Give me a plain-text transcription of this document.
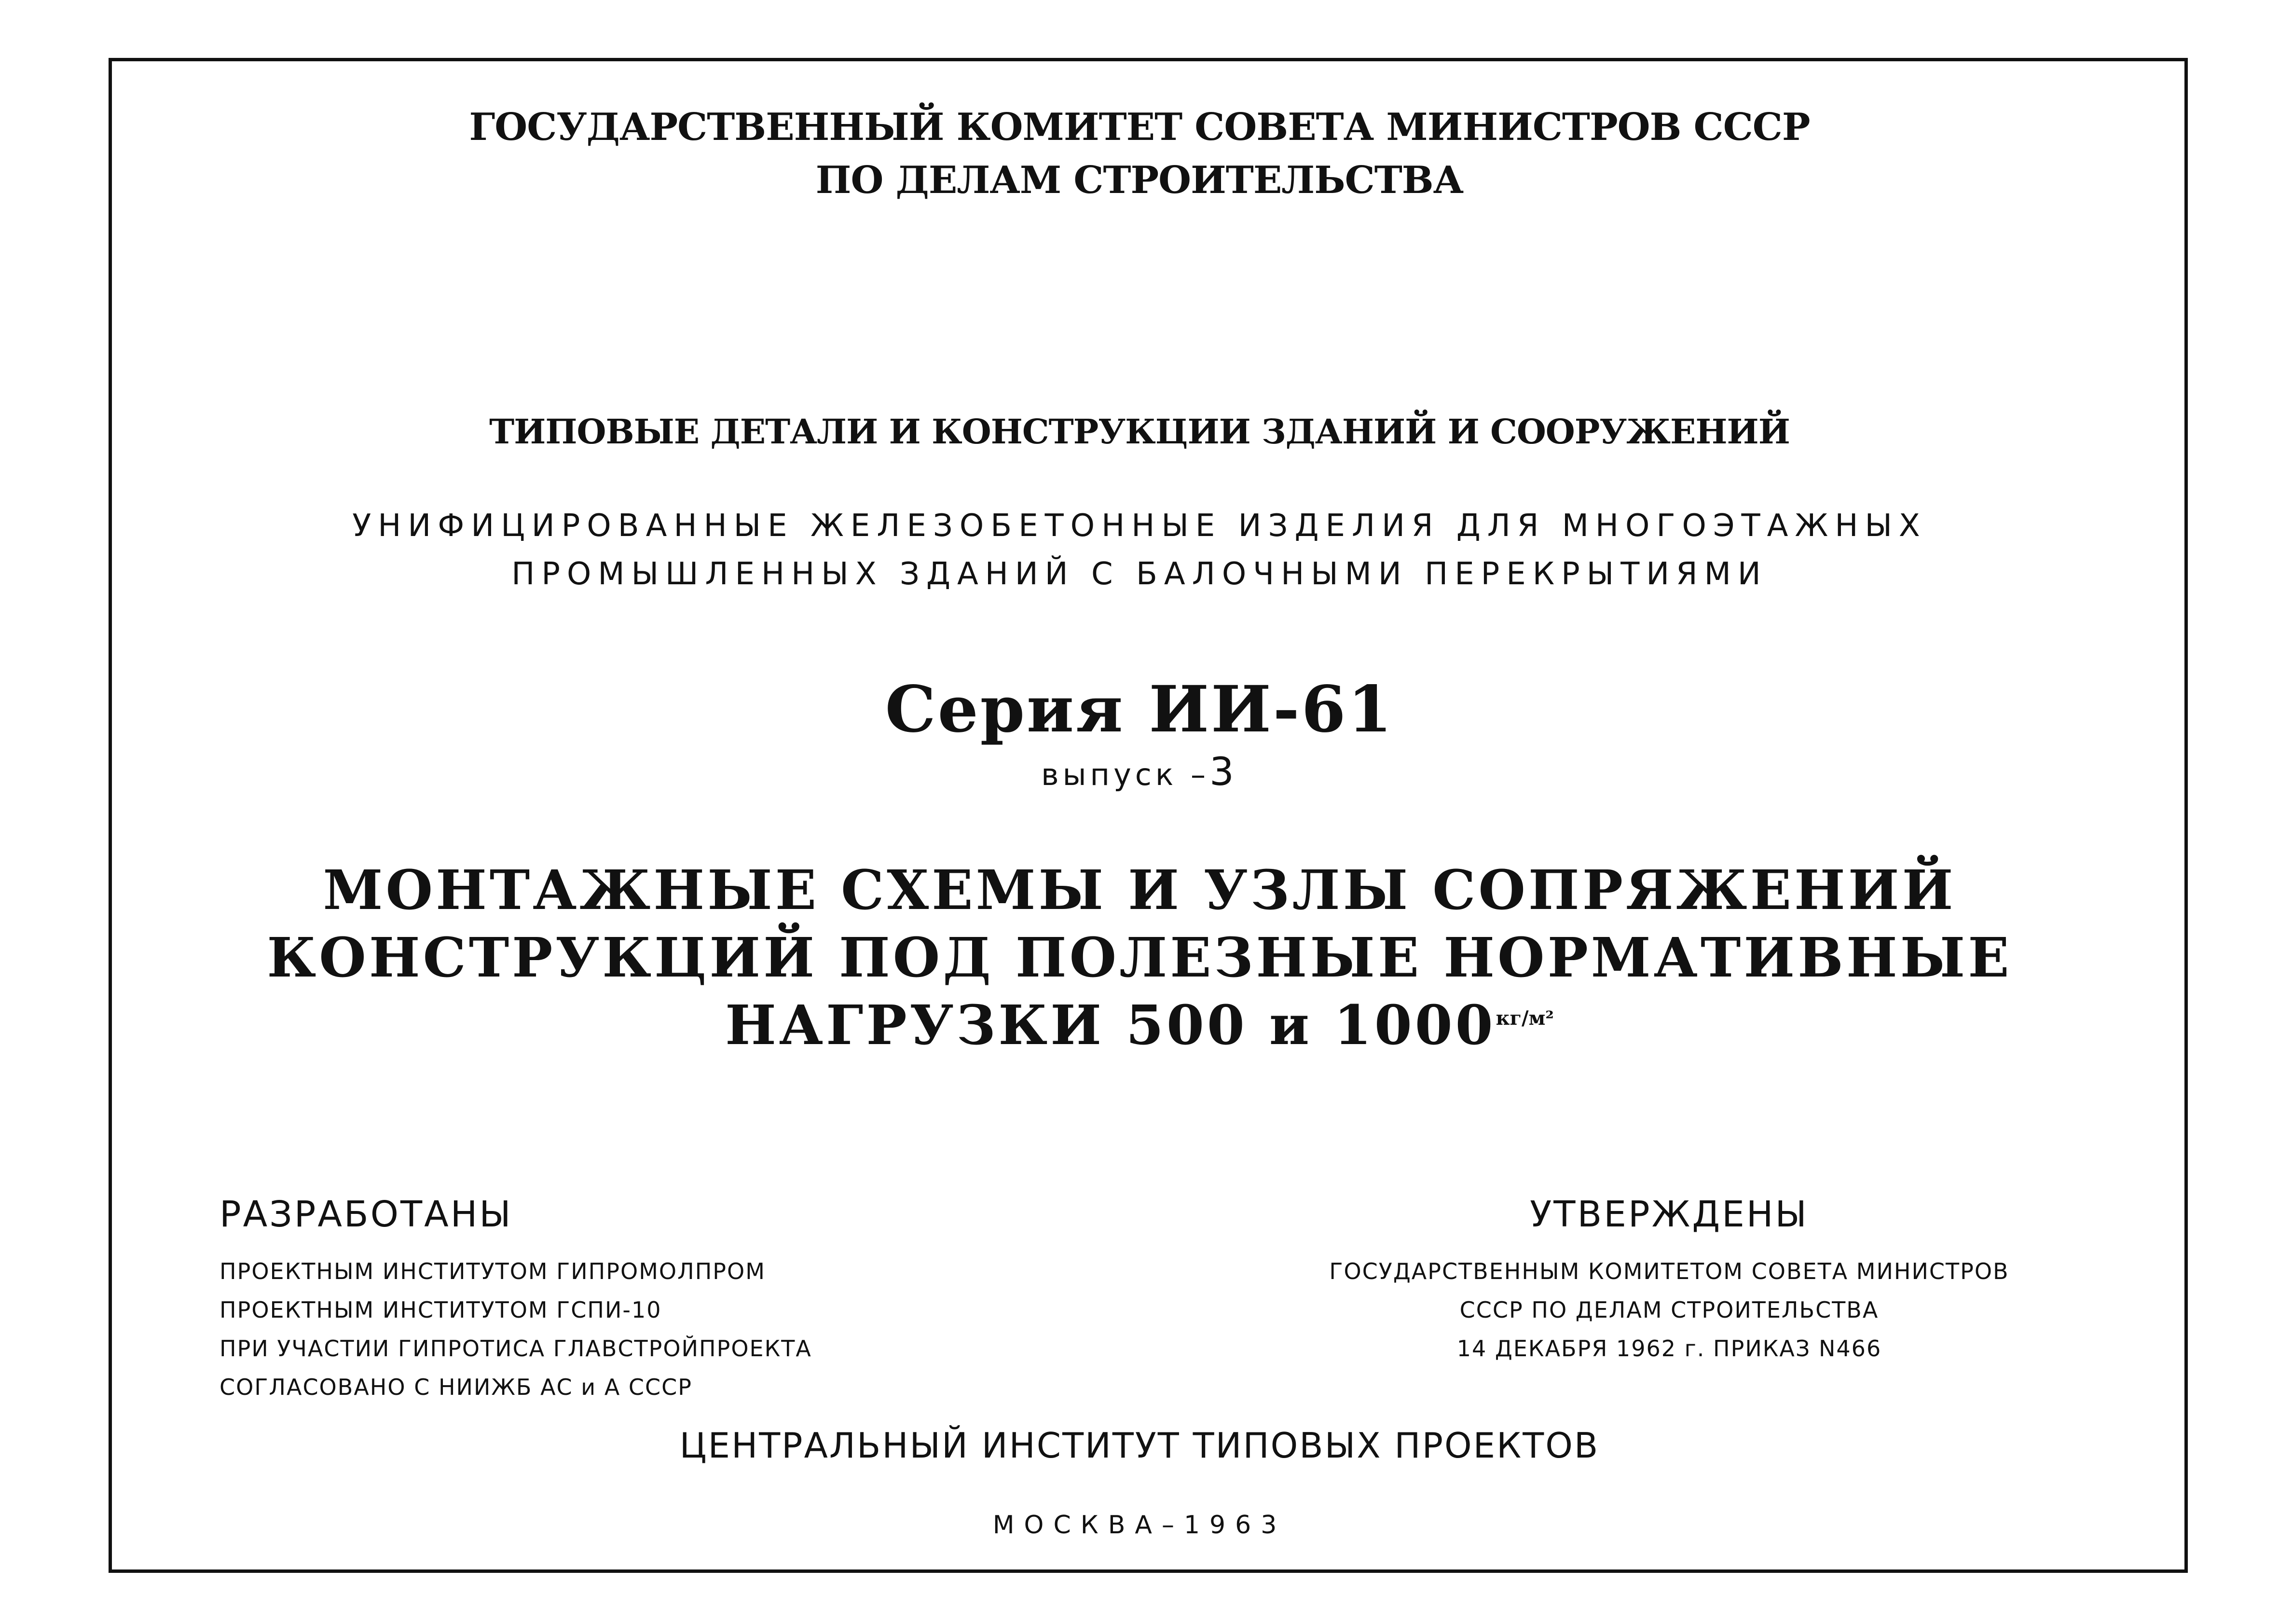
ГОСУДАРСТВЕННЫЙ КОМИТЕТ СОВЕТА МИНИСТРОВ СССР
ПО ДЕЛАМ СТРОИТЕЛЬСТВА
ТИПОВЫЕ ДЕТАЛИ И КОНСТРУКЦИИ ЗДАНИЙ И СООРУЖЕНИЙ
УНИФИЦИРОВАННЫЕ ЖЕЛЕЗОБЕТОННЫЕ ИЗДЕЛИЯ ДЛЯ МНОГОЭТАЖНЫХ
ПРОМЫШЛЕННЫХ ЗДАНИЙ С БАЛОЧНЫМИ ПЕРЕКРЫТИЯМИ
Серия ИИ-61
выпуск –3
МОНТАЖНЫЕ СХЕМЫ И УЗЛЫ СОПРЯЖЕНИЙ
КОНСТРУКЦИЙ ПОД ПОЛЕЗНЫЕ НОРМАТИВНЫЕ
НАГРУЗКИ 500 и 1000кг/м²
РАЗРАБОТАНЫ
ПРОЕКТНЫМ ИНСТИТУТОМ ГИПРОМОЛПРОМ
ПРОЕКТНЫМ ИНСТИТУТОМ ГСПИ-10
ПРИ УЧАСТИИ ГИПРОТИСА ГЛАВСТРОЙПРОЕКТА
СОГЛАСОВАНО С НИИЖБ АС и А СССР
УТВЕРЖДЕНЫ
ГОСУДАРСТВЕННЫМ КОМИТЕТОМ СОВЕТА МИНИСТРОВ
СССР ПО ДЕЛАМ СТРОИТЕЛЬСТВА
14 ДЕКАБРЯ 1962 г. ПРИКАЗ N466
ЦЕНТРАЛЬНЫЙ ИНСТИТУТ ТИПОВЫХ ПРОЕКТОВ
МОСКВА–1963
